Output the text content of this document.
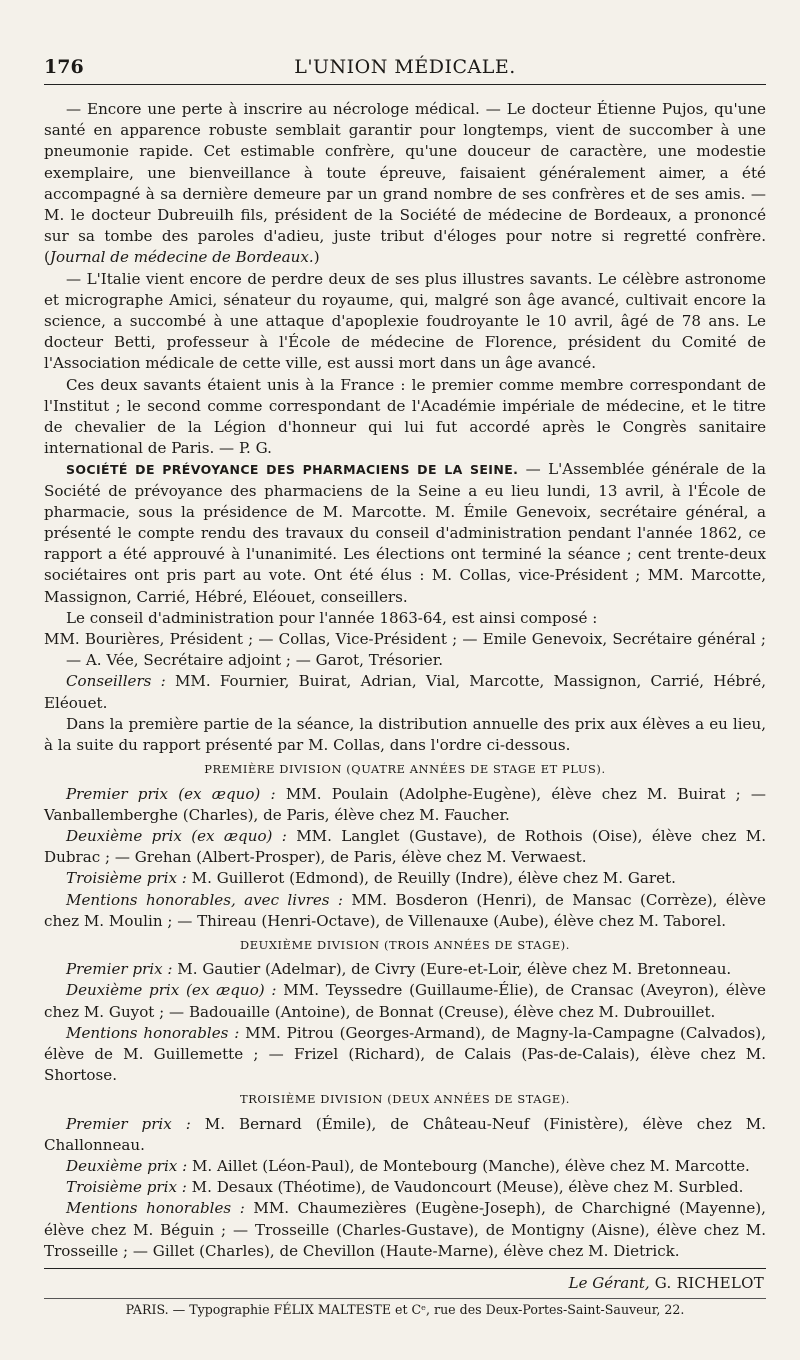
176	L'UNION MÉDICALE.

— Encore une perte à inscrire au nécrologe médical. — Le docteur Étienne Pujos, qu'une santé en apparence robuste semblait garantir pour longtemps, vient de succomber à une pneumonie rapide. Cet estimable confrère, qu'une douceur de caractère, une modestie exemplaire, une bienveillance à toute épreuve, faisaient généralement aimer, a été accompagné à sa dernière demeure par un grand nombre de ses confrères et de ses amis. — M. le docteur Dubreuilh fils, président de la Société de médecine de Bordeaux, a prononcé sur sa tombe des paroles d'adieu, juste tribut d'éloges pour notre si regretté confrère. (Journal de médecine de Bordeaux.)

— L'Italie vient encore de perdre deux de ses plus illustres savants. Le célèbre astronome et micrographe Amici, sénateur du royaume, qui, malgré son âge avancé, cultivait encore la science, a succombé à une attaque d'apoplexie foudroyante le 10 avril, âgé de 78 ans. Le docteur Betti, professeur à l'École de médecine de Florence, président du Comité de l'Association médicale de cette ville, est aussi mort dans un âge avancé.

Ces deux savants étaient unis à la France : le premier comme membre correspondant de l'Institut ; le second comme correspondant de l'Académie impériale de médecine, et le titre de chevalier de la Légion d'honneur qui lui fut accordé après le Congrès sanitaire international de Paris. — P. G.

SOCIÉTÉ DE PRÉVOYANCE DES PHARMACIENS DE LA SEINE. — L'Assemblée générale de la Société de prévoyance des pharmaciens de la Seine a eu lieu lundi, 13 avril, à l'École de pharmacie, sous la présidence de M. Marcotte. M. Émile Genevoix, secrétaire général, a présenté le compte rendu des travaux du conseil d'administration pendant l'année 1862, ce rapport a été approuvé à l'unanimité. Les élections ont terminé la séance ; cent trente-deux sociétaires ont pris part au vote. Ont été élus : M. Collas, vice-Président ; MM. Marcotte, Massignon, Carrié, Hébré, Eléouet, conseillers.

Le conseil d'administration pour l'année 1863-64, est ainsi composé :

MM. Bourières, Président ; — Collas, Vice-Président ; — Emile Genevoix, Secrétaire général ; — A. Vée, Secrétaire adjoint ; — Garot, Trésorier.

Conseillers : MM. Fournier, Buirat, Adrian, Vial, Marcotte, Massignon, Carrié, Hébré, Eléouet.

Dans la première partie de la séance, la distribution annuelle des prix aux élèves a eu lieu, à la suite du rapport présenté par M. Collas, dans l'ordre ci-dessous.

PREMIÈRE DIVISION (QUATRE ANNÉES DE STAGE ET PLUS).

Premier prix (ex æquo) : MM. Poulain (Adolphe-Eugène), élève chez M. Buirat ; — Vanballemberghe (Charles), de Paris, élève chez M. Faucher.

Deuxième prix (ex æquo) : MM. Langlet (Gustave), de Rothois (Oise), élève chez M. Dubrac ; — Grehan (Albert-Prosper), de Paris, élève chez M. Verwaest.

Troisième prix : M. Guillerot (Edmond), de Reuilly (Indre), élève chez M. Garet.

Mentions honorables, avec livres : MM. Bosderon (Henri), de Mansac (Corrèze), élève chez M. Moulin ; — Thireau (Henri-Octave), de Villenauxe (Aube), élève chez M. Taborel.

DEUXIÈME DIVISION (TROIS ANNÉES DE STAGE).

Premier prix : M. Gautier (Adelmar), de Civry (Eure-et-Loir, élève chez M. Bretonneau.

Deuxième prix (ex æquo) : MM. Teyssedre (Guillaume-Élie), de Cransac (Aveyron), élève chez M. Guyot ; — Badouaille (Antoine), de Bonnat (Creuse), élève chez M. Dubrouillet.

Mentions honorables : MM. Pitrou (Georges-Armand), de Magny-la-Campagne (Calvados), élève de M. Guillemette ; — Frizel (Richard), de Calais (Pas-de-Calais), élève chez M. Shortose.

TROISIÈME DIVISION (DEUX ANNÉES DE STAGE).

Premier prix : M. Bernard (Émile), de Château-Neuf (Finistère), élève chez M. Challonneau.

Deuxième prix : M. Aillet (Léon-Paul), de Montebourg (Manche), élève chez M. Marcotte.

Troisième prix : M. Desaux (Théotime), de Vaudoncourt (Meuse), élève chez M. Surbled.

Mentions honorables : MM. Chaumezières (Eugène-Joseph), de Charchigné (Mayenne), élève chez M. Béguin ; — Trosseille (Charles-Gustave), de Montigny (Aisne), élève chez M. Trosseille ; — Gillet (Charles), de Chevillon (Haute-Marne), élève chez M. Dietrick.

Le Gérant, G. RICHELOT
PARIS. — Typographie FÉLIX MALTESTE et Cᵉ, rue des Deux-Portes-Saint-Sauveur, 22.
